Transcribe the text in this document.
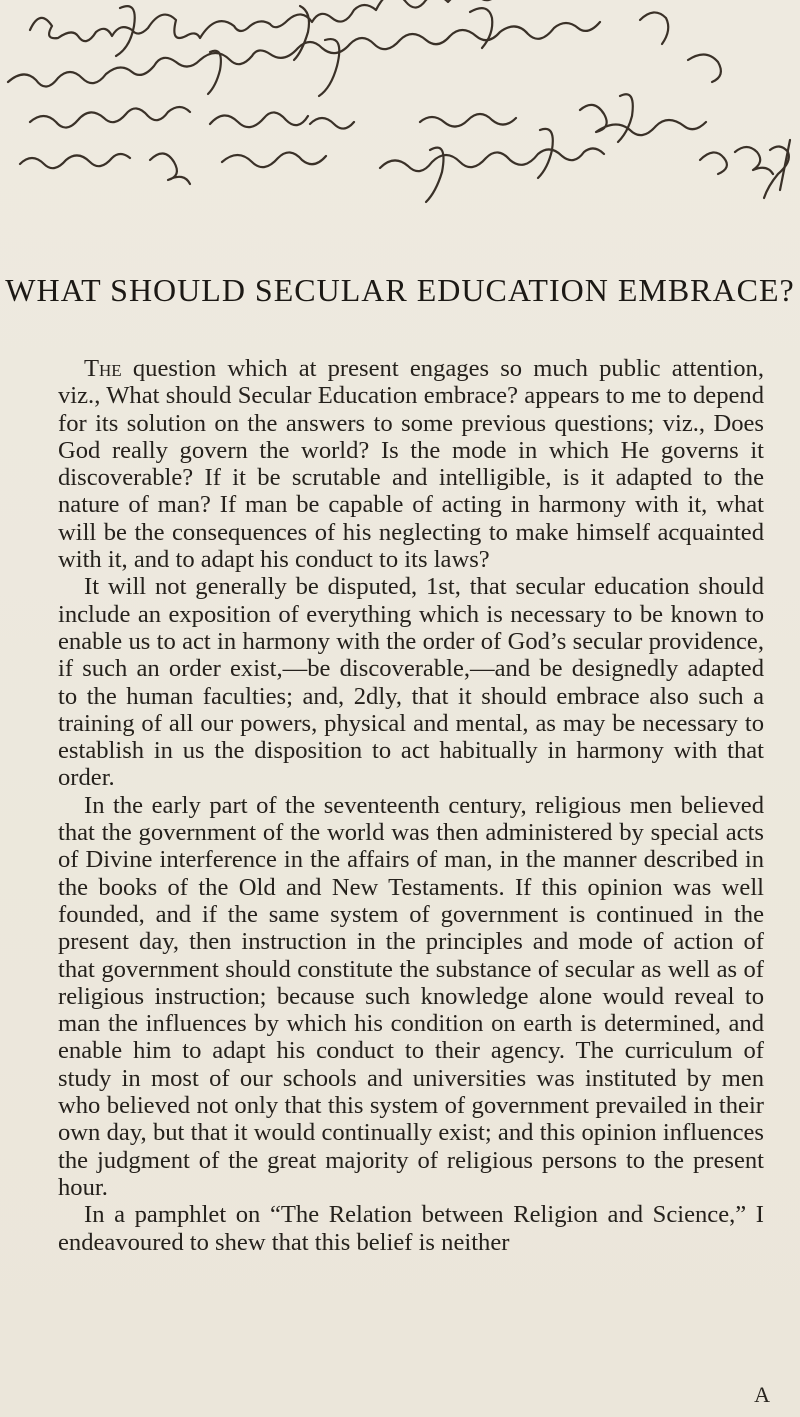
WHAT SHOULD SECULAR EDUCATION EMBRACE?

The question which at present engages so much public attention, viz., What should Secular Education embrace? appears to me to depend for its solution on the answers to some previous questions; viz., Does God really govern the world? Is the mode in which He governs it discoverable? If it be scrutable and intelligible, is it adapted to the nature of man? If man be capable of acting in harmony with it, what will be the consequences of his neglecting to make himself acquainted with it, and to adapt his conduct to its laws?

It will not generally be disputed, 1st, that secular education should include an exposition of everything which is necessary to be known to enable us to act in harmony with the order of God’s secular providence, if such an order exist,—be discoverable,—and be designedly adapted to the human faculties; and, 2dly, that it should embrace also such a training of all our powers, physical and mental, as may be necessary to establish in us the disposition to act habitually in harmony with that order.

In the early part of the seventeenth century, religious men believed that the government of the world was then administered by special acts of Divine interference in the affairs of man, in the manner described in the books of the Old and New Testaments. If this opinion was well founded, and if the same system of government is continued in the present day, then instruction in the principles and mode of action of that government should constitute the substance of secular as well as of religious instruction; because such knowledge alone would reveal to man the influences by which his condition on earth is determined, and enable him to adapt his conduct to their agency. The curriculum of study in most of our schools and universities was instituted by men who believed not only that this system of government prevailed in their own day, but that it would continually exist; and this opinion influences the judgment of the great majority of religious persons to the present hour.

In a pamphlet on “The Relation between Religion and Science,” I endeavoured to shew that this belief is neither

A
